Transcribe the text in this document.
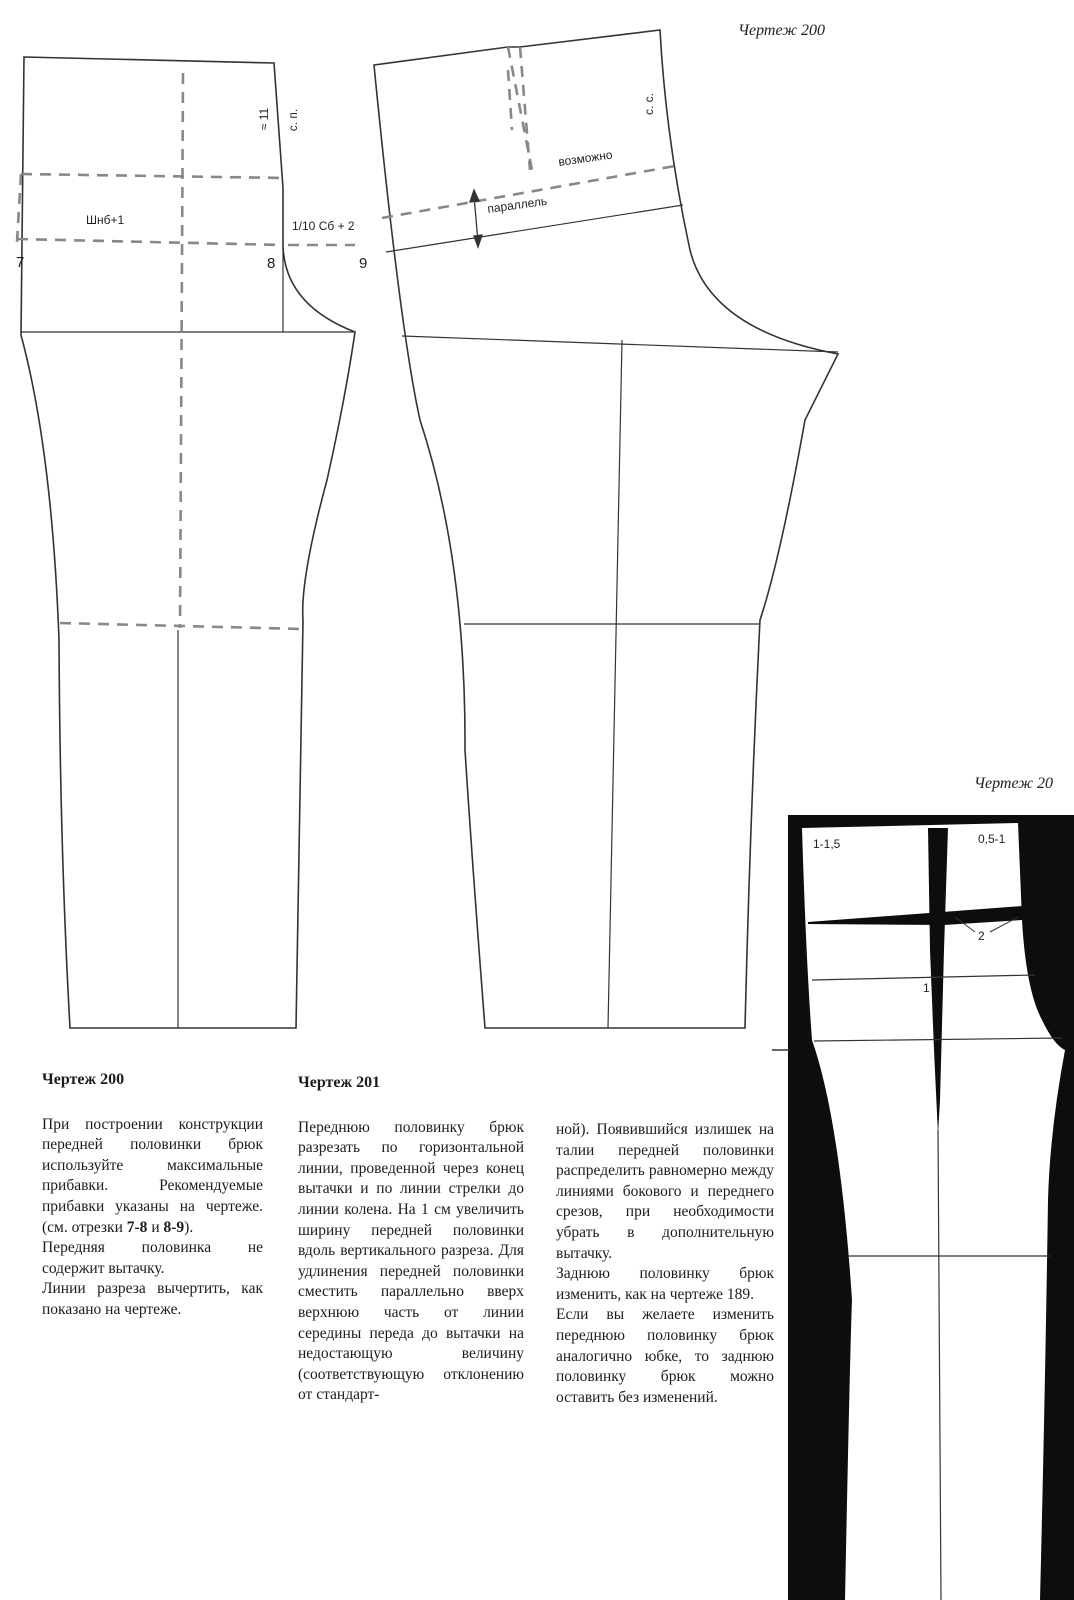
Чертеж 200
Чертеж 20
Шнб+1	1/10 Сб + 2
7	8	9
≈ 11 с. п.
возможно
параллель
с. с.
1-1,5	0,5-1
2
1
Чертеж 200

При построении конструкции передней половинки брюк используйте максимальные прибавки. Рекомендуемые прибавки указаны на чертеже. (см. отрезки 7-8 и 8-9).

Передняя половинка не содержит вытачку.

Линии разреза вычертить, как показано на чертеже.

Чертеж 201

Переднюю половинку брюк разрезать по горизонтальной линии, проведенной через конец вытачки и по линии стрелки до линии колена. На 1 см увеличить ширину передней половинки вдоль вертикального разреза. Для удлинения передней половинки сместить параллельно вверх верхнюю часть от линии середины переда до вытачки на недостающую величину (соответствующую отклонению от стандарт-

ной). Появившийся излишек на талии передней половинки распределить равномерно между линиями бокового и переднего срезов, при необходимости убрать в дополнительную вытачку.

Заднюю половинку брюк изменить, как на чертеже 189.

Если вы желаете изменить переднюю половинку брюк аналогично юбке, то заднюю половинку брюк можно оставить без изменений.
